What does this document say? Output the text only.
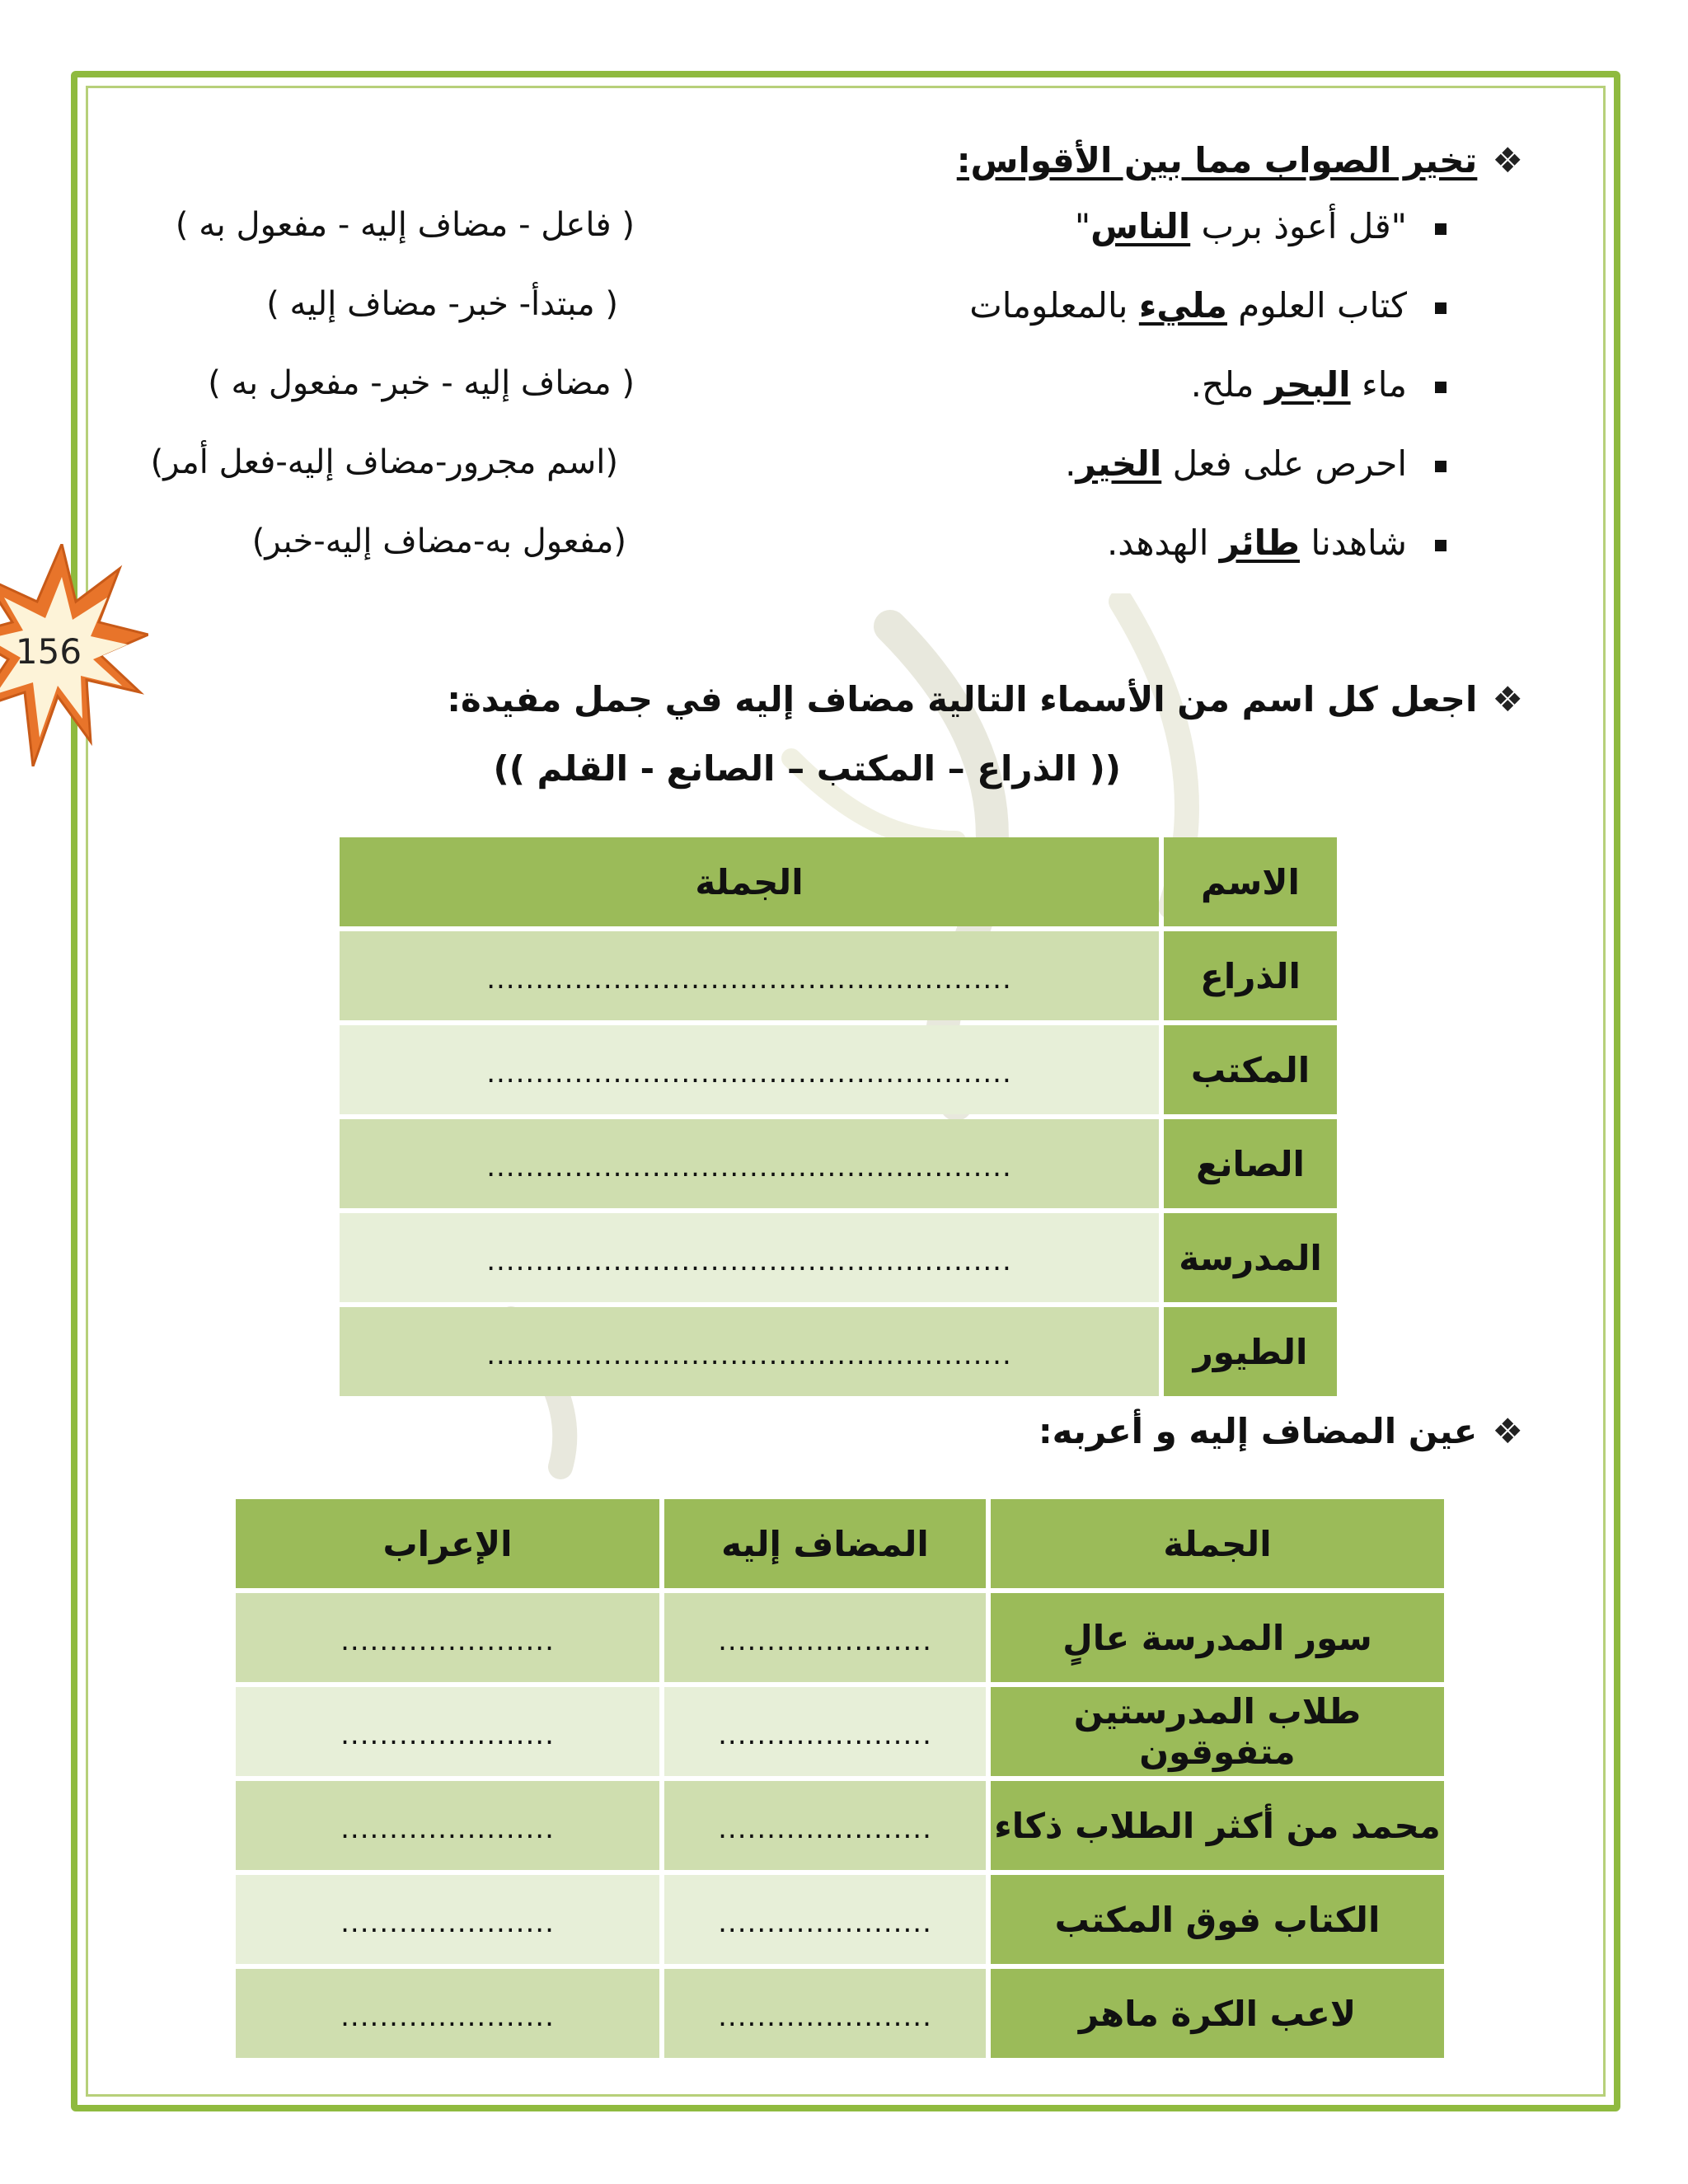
156
❖تخير الصواب مما بين الأقواس:
"قل أعوذ برب الناس"
( فاعل - مضاف إليه - مفعول به )
كتاب العلوم مليء بالمعلومات
( مبتدأ- خبر- مضاف إليه )
ماء البحر ملح.
( مضاف إليه - خبر- مفعول به )
احرص على فعل الخير.
(اسم مجرور-مضاف إليه-فعل أمر)
شاهدنا طائر الهدهد.
(مفعول به-مضاف إليه-خبر)
❖اجعل كل اسم من الأسماء التالية مضاف إليه في جمل مفيدة:
(( الذراع – المكتب – الصانع - القلم ))
الاسم	الجملة
الذراع	......................................................
المكتب	......................................................
الصانع	......................................................
المدرسة	......................................................
الطيور	......................................................
❖عين المضاف إليه و أعربه:
الجملة	المضاف إليه	الإعراب
سور المدرسة عالٍ	......................	......................
طلاب المدرستين متفوقون	......................	......................
محمد من أكثر الطلاب ذكاء	......................	......................
الكتاب فوق المكتب	......................	......................
لاعب الكرة ماهر	......................	......................
